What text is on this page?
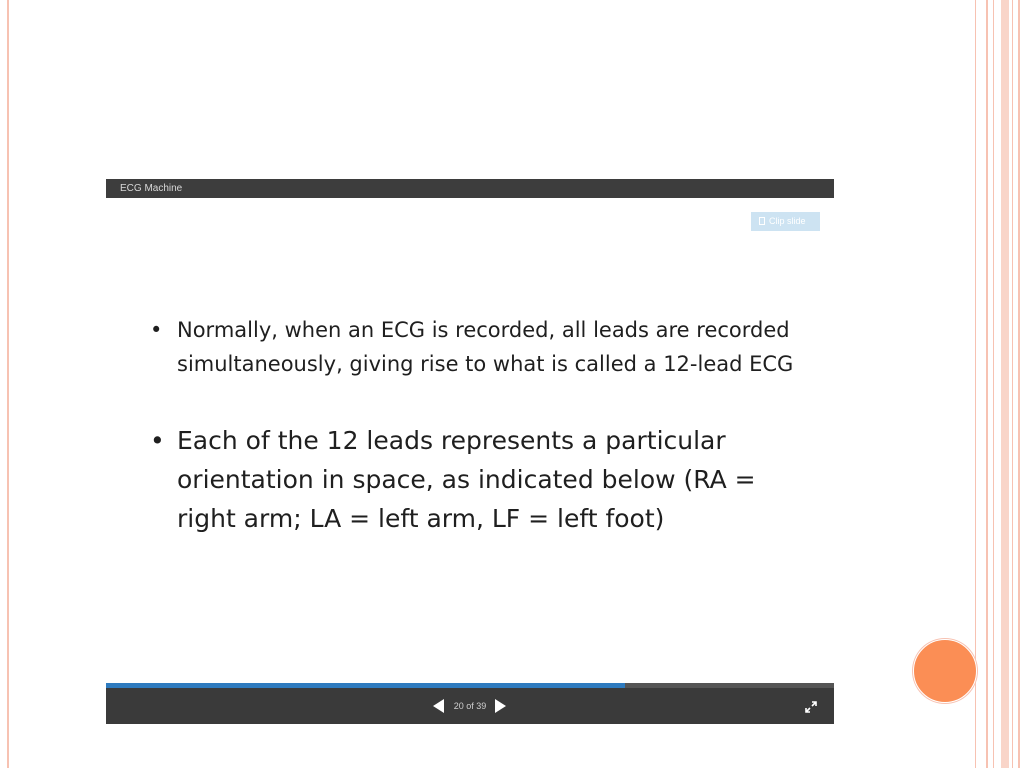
ECG Machine
Clip slide
• Normally, when an ECG is recorded, all leads are recorded simultaneously, giving rise to what is called a 12-lead ECG
• Each of the 12 leads represents a particular orientation in space, as indicated below (RA = right arm; LA = left arm, LF = left foot)
20 of 39
